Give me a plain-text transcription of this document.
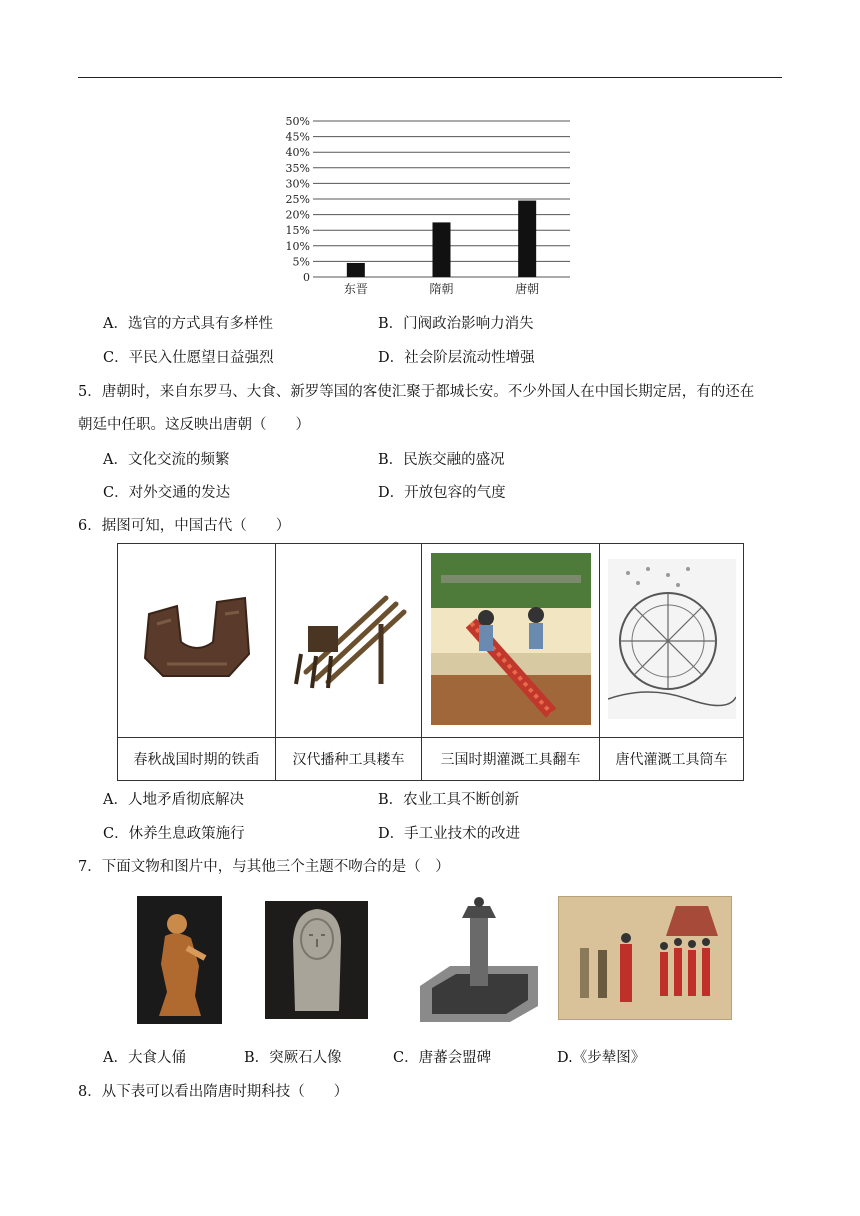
0
5%
10%
15%
20%
25%
30%
35%
40%
45%
50%
东晋	隋朝	唐朝
A．选官的方式具有多样性	B．门阀政治影响力消失
C．平民入仕愿望日益强烈	D．社会阶层流动性增强
5．唐朝时，来自东罗马、大食、新罗等国的客使汇聚于都城长安。不少外国人在中国长期定居，有的还在
朝廷中任职。这反映出唐朝（　　）
A．文化交流的频繁	B．民族交融的盛况
C．对外交通的发达	D．开放包容的气度
6．据图可知，中国古代（　　）

春秋战国时期的铁臿	汉代播种工具耧车	三国时期灌溉工具翻车	唐代灌溉工具筒车
A．人地矛盾彻底解决	B．农业工具不断创新
C．休养生息政策施行	D．手工业技术的改进
7．下面文物和图片中，与其他三个主题不吻合的是（　）
A．大食人俑	B．突厥石人像	C．唐蕃会盟碑	D.《步辇图》
8．从下表可以看出隋唐时期科技（　　）
